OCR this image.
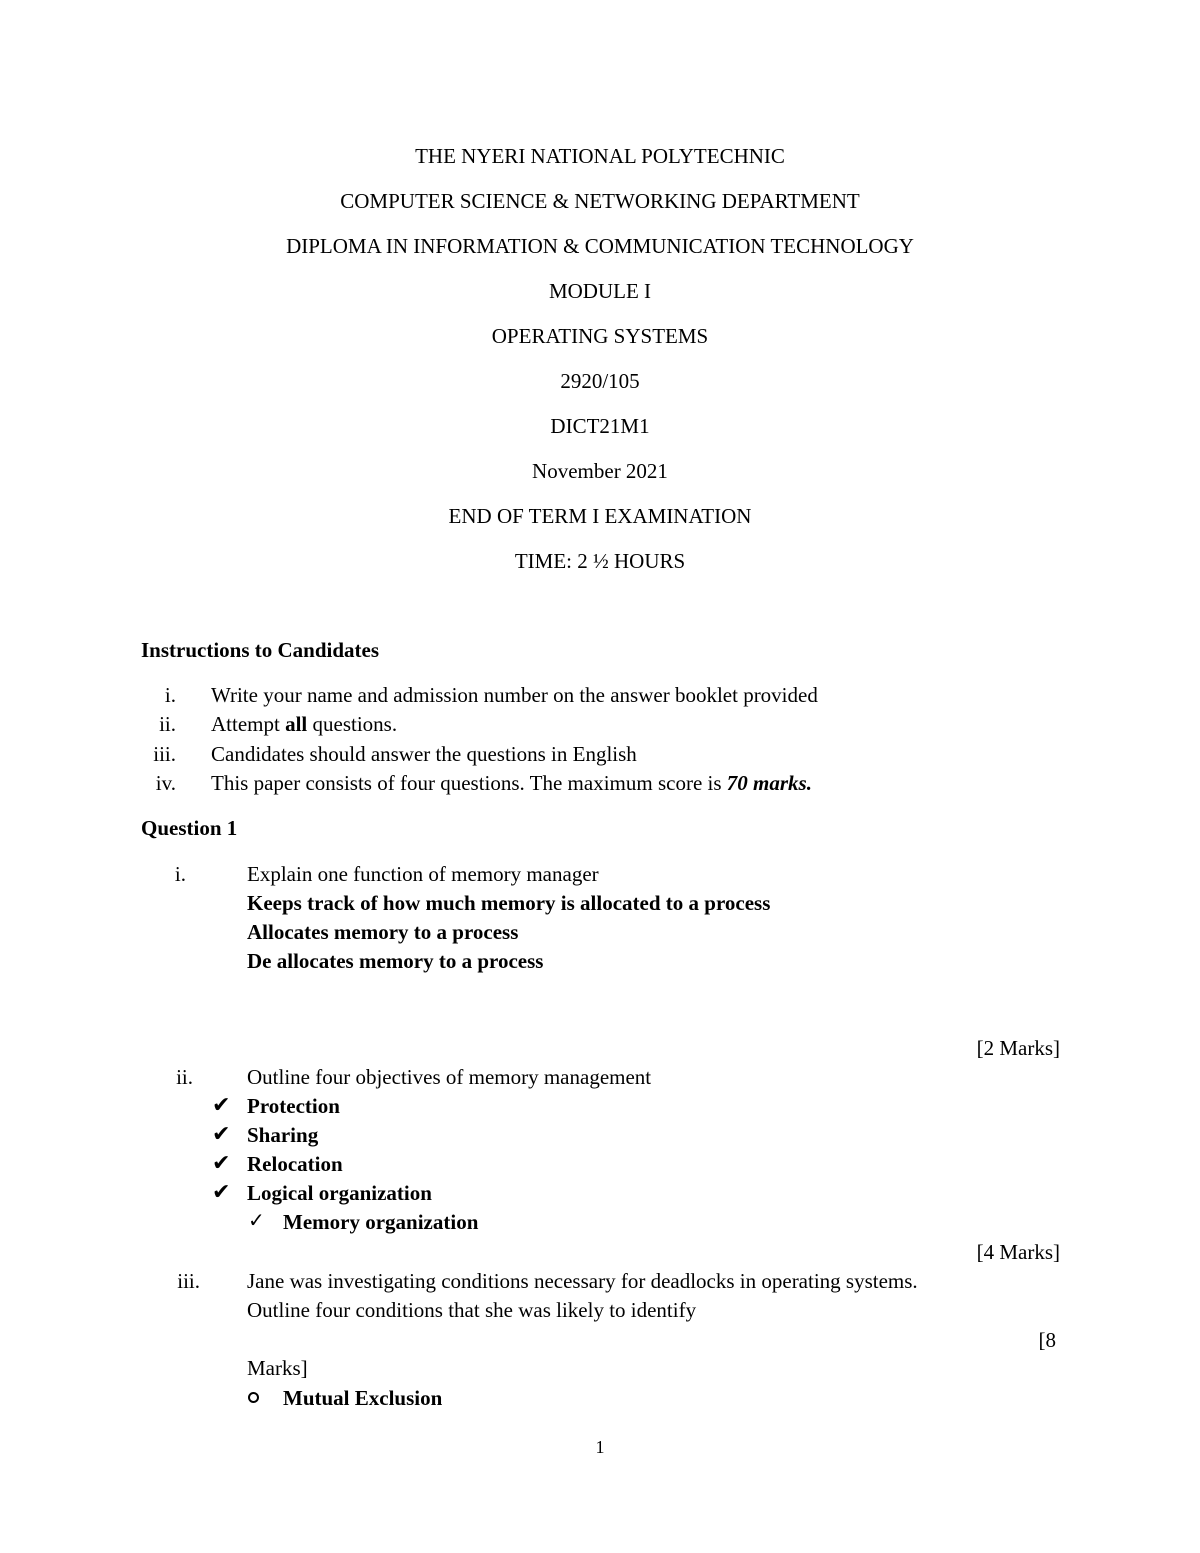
THE NYERI NATIONAL POLYTECHNIC
COMPUTER SCIENCE & NETWORKING DEPARTMENT
DIPLOMA IN INFORMATION & COMMUNICATION TECHNOLOGY
MODULE I
OPERATING SYSTEMS
2920/105
DICT21M1
November 2021
END OF TERM I EXAMINATION
TIME: 2 ½ HOURS
Instructions to Candidates
i. Write your name and admission number on the answer booklet provided
ii. Attempt all questions.
iii. Candidates should answer the questions in English
iv. This paper consists of four questions. The maximum score is 70 marks.
Question 1
i.	Explain one function of memory manager
Keeps track of how much memory is allocated to a process
Allocates memory to a process
De allocates memory to a process
[2 Marks]
ii.	Outline four objectives of memory management
✔ Protection
✔ Sharing
✔ Relocation
✔ Logical organization
✓ Memory organization
[4 Marks]
iii. Jane was investigating conditions necessary for deadlocks in operating systems.
Outline four conditions that she was likely to identify
[8
Marks]
Mutual Exclusion
1
